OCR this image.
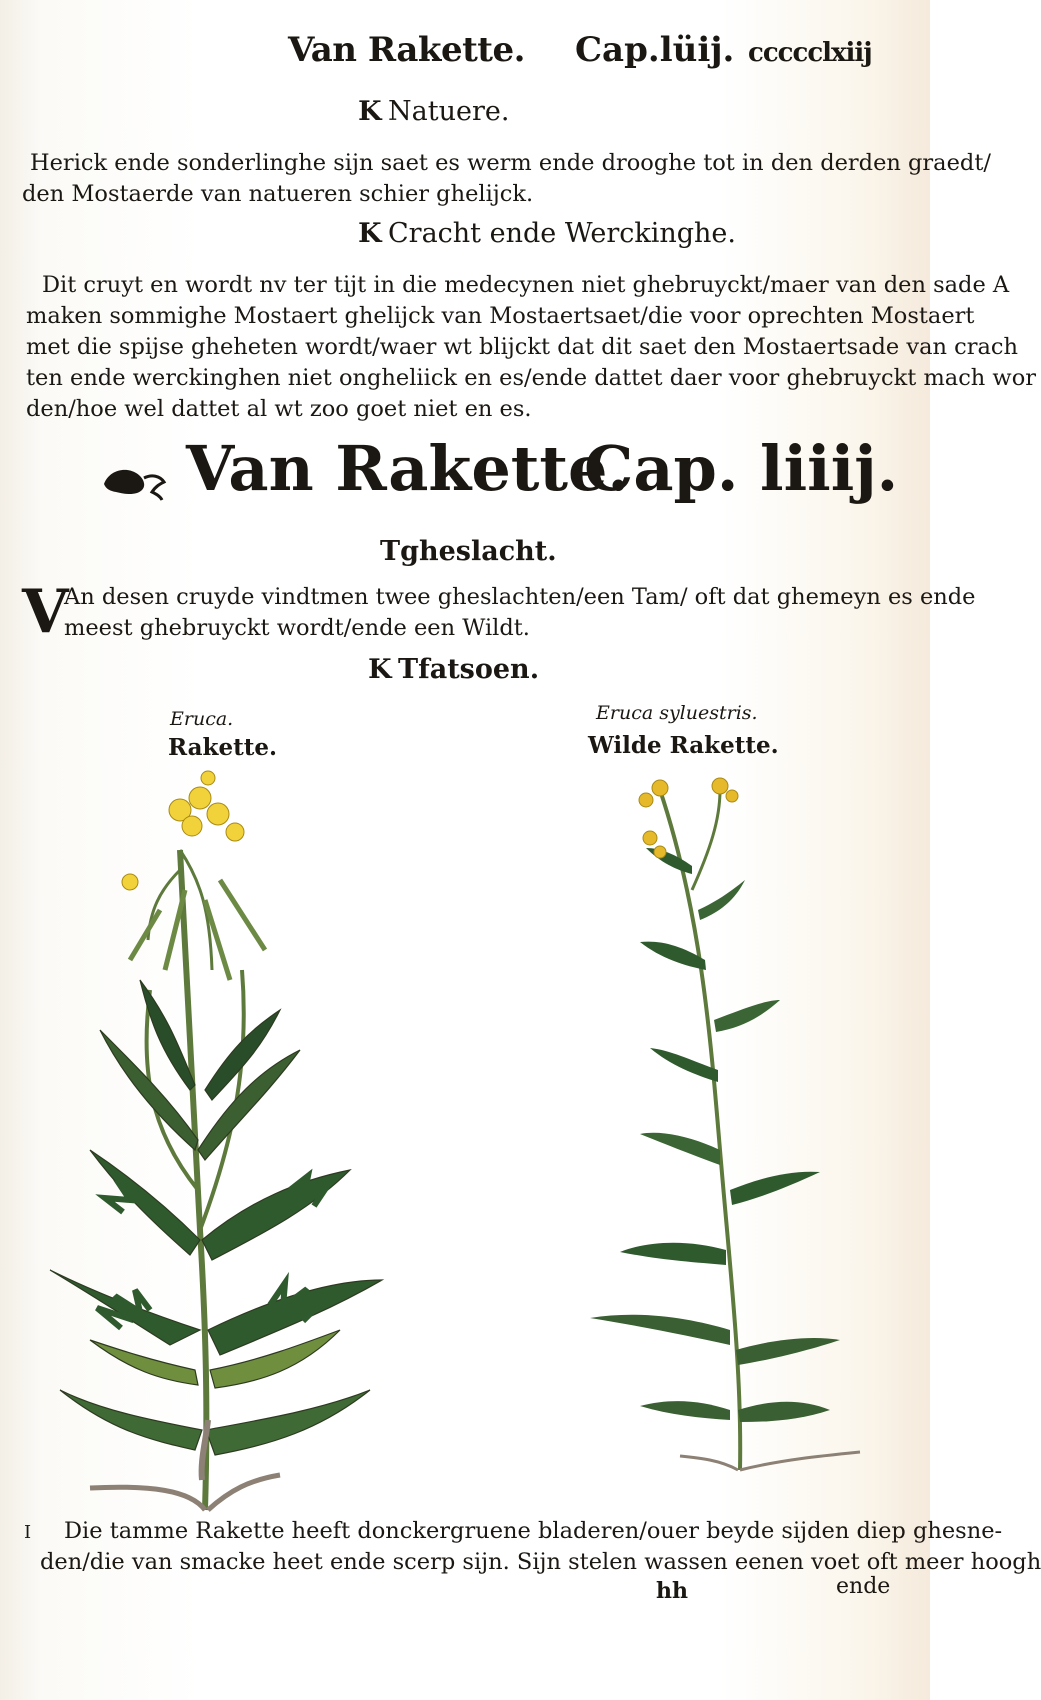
Van Rakette. Cap.lüij. ccccclxiij
K Natuere.
Herick ende sonderlinghe sijn saet es werm ende drooghe tot in den derden graedt/
den Mostaerde van natueren schier ghelijck.
K Cracht ende Werckinghe.
Dit cruyt en wordt nv ter tijt in die medecynen niet ghebruyckt/maer van den sade A
maken sommighe Mostaert ghelijck van Mostaertsaet/die voor oprechten Mostaert
met die spijse gheheten wordt/waer wt blijckt dat dit saet den Mostaertsade van crach
ten ende werckinghen niet ongheliick en es/ende dattet daer voor ghebruyckt mach wor
den/hoe wel dattet al wt zoo goet niet en es.
Van Rakette.
Cap. liiij.
Tgheslacht.
V
An desen cruyde vindtmen twee gheslachten/een Tam/ oft dat ghemeyn es ende
meest ghebruyckt wordt/ende een Wildt.
K Tfatsoen.
Eruca.
Rakette.
Eruca syluestris.
Wilde Rakette.
I Die tamme Rakette heeft donckergruene bladeren/ouer beyde sijden diep ghesne-
den/die van smacke heet ende scerp sijn. Sijn stelen wassen eenen voet oft meer hoogh
hh	ende
